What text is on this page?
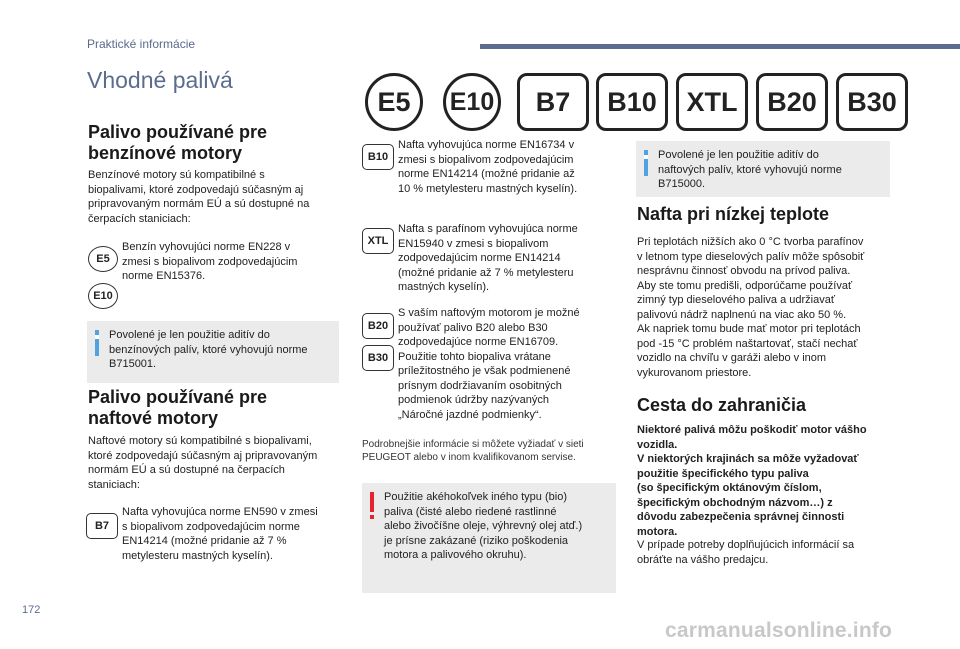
Praktické informácie
Vhodné palivá
E5	E10	B7	B10	XTL	B20	B30
Palivo používané pre
benzínové motory
Benzínové motory sú kompatibilné s
biopalivami, ktoré zodpovedajú súčasným aj
pripravovaným normám EÚ a sú dostupné na
čerpacích staniciach:
E5
E10
Benzín vyhovujúci norme EN228 v
zmesi s biopalivom zodpovedajúcim
norme EN15376.
Povolené je len použitie aditív do
benzínových palív, ktoré vyhovujú norme
B715001.
Palivo používané pre
naftové motory
Naftové motory sú kompatibilné s biopalivami,
ktoré zodpovedajú súčasným aj pripravovaným
normám EÚ a sú dostupné na čerpacích
staniciach:
B7
Nafta vyhovujúca norme EN590 v zmesi
s biopalivom zodpovedajúcim norme
EN14214 (možné pridanie až 7 %
metylesteru mastných kyselín).
B10
Nafta vyhovujúca norme EN16734 v
zmesi s biopalivom zodpovedajúcim
norme EN14214 (možné pridanie až
10 % metylesteru mastných kyselín).
XTL
Nafta s parafínom vyhovujúca norme
EN15940 v zmesi s biopalivom
zodpovedajúcim norme EN14214
(možné pridanie až 7 % metylesteru
mastných kyselín).
B20
B30
S vaším naftovým motorom je možné
používať palivo B20 alebo B30
zodpovedajúce norme EN16709.
Použitie tohto biopaliva vrátane
príležitostného je však podmienené
prísnym dodržiavaním osobitných
podmienok údržby nazývaných
„Náročné jazdné podmienky“.
Podrobnejšie informácie si môžete vyžiadať v sieti
PEUGEOT alebo v inom kvalifikovanom servise.
Použitie akéhokoľvek iného typu (bio)
paliva (čisté alebo riedené rastlinné
alebo živočíšne oleje, výhrevný olej atď.)
je prísne zakázané (riziko poškodenia
motora a palivového okruhu).
Povolené je len použitie aditív do
naftových palív, ktoré vyhovujú norme
B715000.
Nafta pri nízkej teplote
Pri teplotách nižších ako 0 °C tvorba parafínov
v letnom type dieselových palív môže spôsobiť
nesprávnu činnosť obvodu na prívod paliva.
Aby ste tomu predišli, odporúčame používať
zimný typ dieselového paliva a udržiavať
palivovú nádrž naplnenú na viac ako 50 %.
Ak napriek tomu bude mať motor pri teplotách
pod -15 °C problém naštartovať, stačí nechať
vozidlo na chvíľu v garáži alebo v inom
vykurovanom priestore.
Cesta do zahraničia
Niektoré palivá môžu poškodiť motor vášho
vozidla.
V niektorých krajinách sa môže vyžadovať
použitie špecifického typu paliva
(so špecifickým oktánovým číslom,
špecifickým obchodným názvom…) z
dôvodu zabezpečenia správnej činnosti
motora.
V prípade potreby doplňujúcich informácií sa
obráťte na vášho predajcu.
172
carmanualsonline.info
